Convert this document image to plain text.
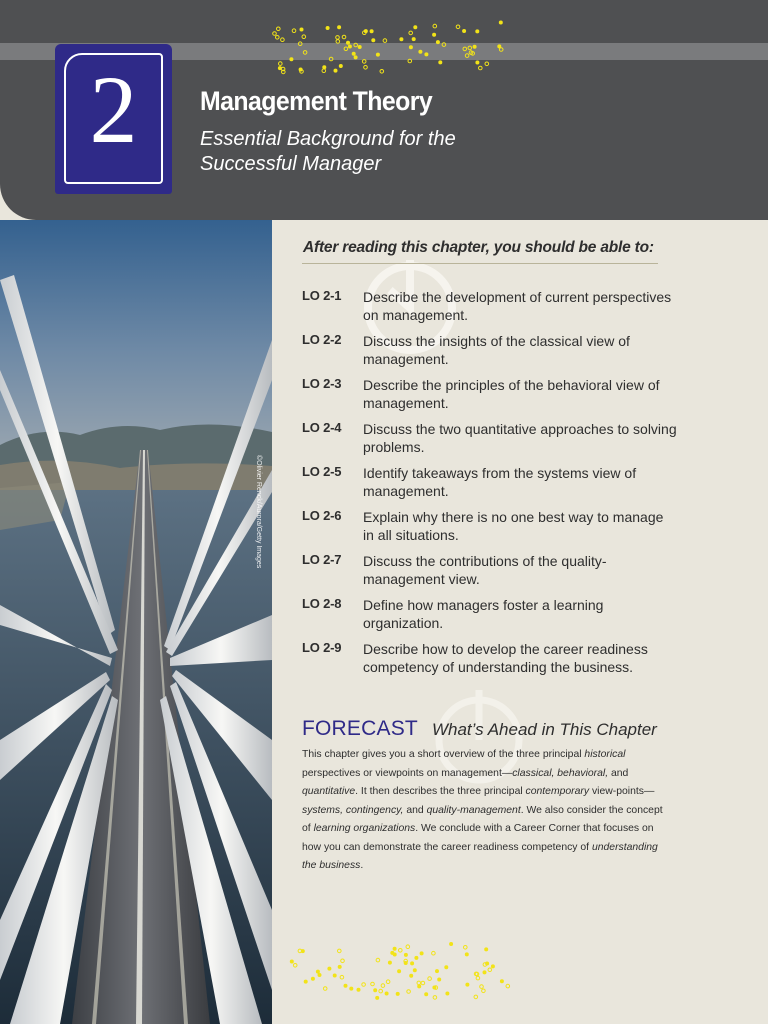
2	Management Theory
Essential Background for the Successful Manager
©Olivier Renck/Aurora/Getty Images
After reading this chapter, you should be able to:
LO 2-1 Describe the development of current perspectives on management.
LO 2-2 Discuss the insights of the classical view of management.
LO 2-3 Describe the principles of the behavioral view of management.
LO 2-4 Discuss the two quantitative approaches to solving problems.
LO 2-5 Identify takeaways from the systems view of management.
LO 2-6 Explain why there is no one best way to manage in all situations.
LO 2-7 Discuss the contributions of the quality-management view.
LO 2-8 Define how managers foster a learning organization.
LO 2-9 Describe how to develop the career readiness competency of understanding the business.
FORECAST What’s Ahead in This Chapter
This chapter gives you a short overview of the three principal historical perspectives or viewpoints on management—classical, behavioral, and quantitative. It then describes the three principal contemporary view-points—systems, contingency, and quality-management. We also consider the concept of learning organizations. We conclude with a Career Corner that focuses on how you can demonstrate the career readiness competency of understanding the business.
